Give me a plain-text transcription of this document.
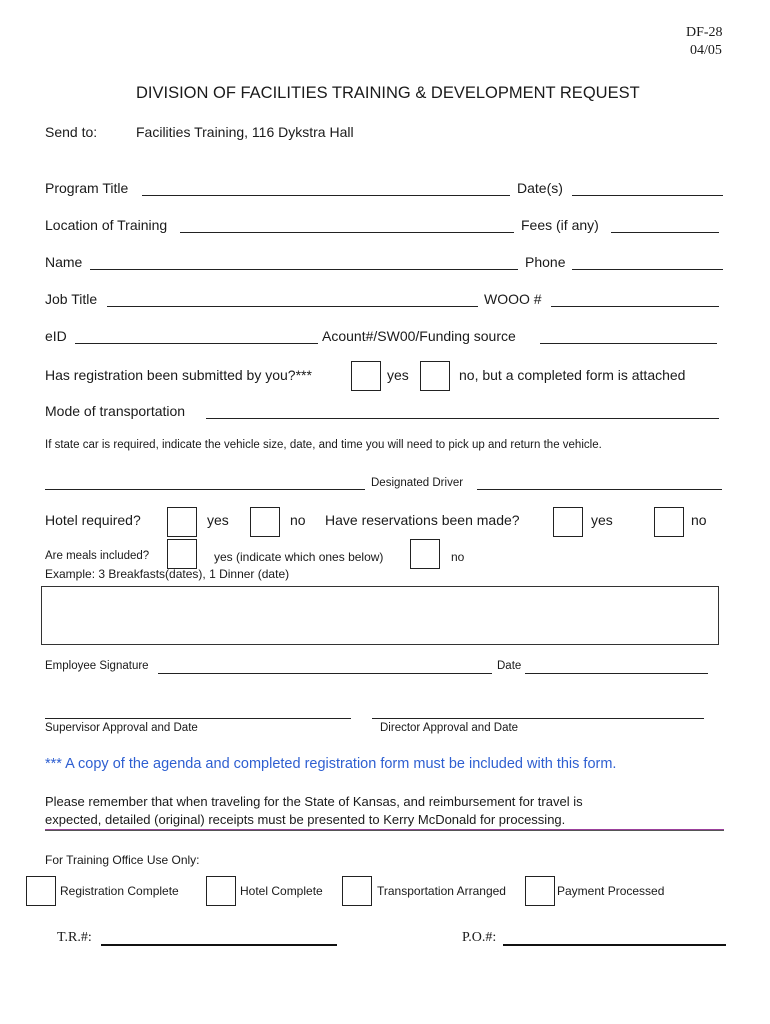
DF-28
04/05
DIVISION OF FACILITIES TRAINING & DEVELOPMENT REQUEST
Send to:	Facilities Training, 116 Dykstra Hall
Program Title	Date(s)
Location of Training	Fees (if any)
Name	Phone
Job Title	WOOO #
eID	Acount#/SW00/Funding source
Has registration been submitted by you?***	yes	no, but a completed form is attached
Mode of transportation
If state car is required, indicate the vehicle size, date, and time you will need to pick up and return the vehicle.
Designated Driver
Hotel required?	yes	no Have reservations been made?	yes	no
Are meals included?	yes (indicate which ones below)	no
Example: 3 Breakfasts(dates), 1 Dinner (date)
Employee Signature	Date
Supervisor Approval and Date	Director Approval and Date
*** A copy of the agenda and completed registration form must be included with this form.
Please remember that when traveling for the State of Kansas, and reimbursement for travel is
expected, detailed (original) receipts must be presented to Kerry McDonald for processing.
For Training Office Use Only:
Registration Complete	Hotel Complete	Transportation Arranged	Payment Processed
T.R.#:	P.O.#:
